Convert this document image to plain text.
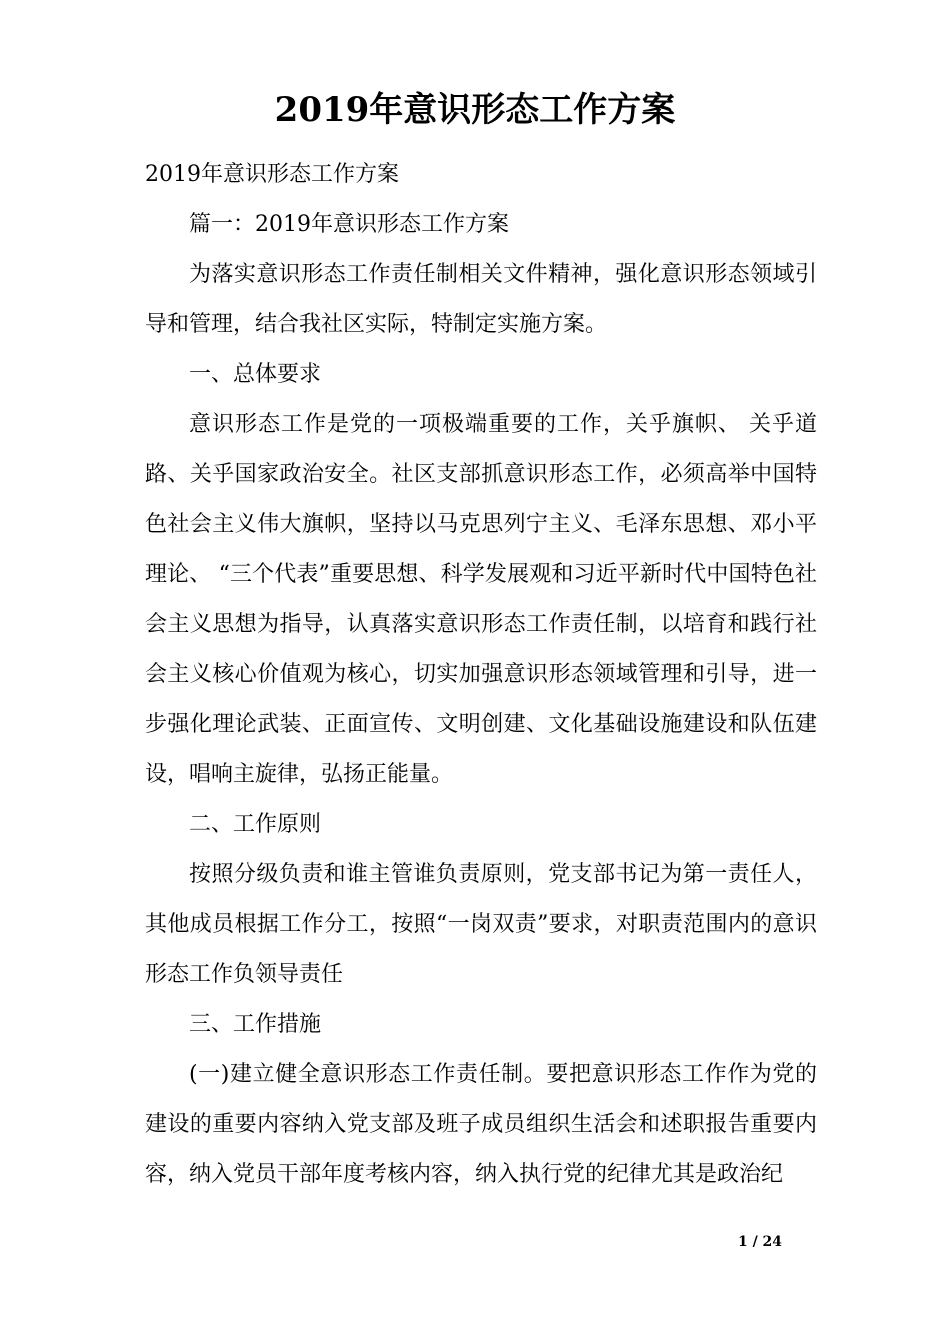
2019年意识形态工作方案

2019年意识形态工作方案

篇一：2019年意识形态工作方案

为落实意识形态工作责任制相关文件精神，强化意识形态领域引导和管理，结合我社区实际，特制定实施方案。

一、总体要求

意识形态工作是党的一项极端重要的工作，关乎旗帜、 关乎道路、关乎国家政治安全。社区支部抓意识形态工作，必须高举中国特色社会主义伟大旗帜，坚持以马克思列宁主义、毛泽东思想、邓小平理论、 “三个代表”重要思想、科学发展观和习近平新时代中国特色社会主义思想为指导，认真落实意识形态工作责任制，以培育和践行社会主义核心价值观为核心，切实加强意识形态领域管理和引导，进一步强化理论武装、正面宣传、文明创建、文化基础设施建设和队伍建设，唱响主旋律，弘扬正能量。

二、工作原则

按照分级负责和谁主管谁负责原则，党支部书记为第一责任人，其他成员根据工作分工，按照“一岗双责”要求，对职责范围内的意识形态工作负领导责任

三、工作措施

(一)建立健全意识形态工作责任制。要把意识形态工作作为党的建设的重要内容纳入党支部及班子成员组织生活会和述职报告重要内容，纳入党员干部年度考核内容，纳入执行党的纪律尤其是政治纪

1 / 24
